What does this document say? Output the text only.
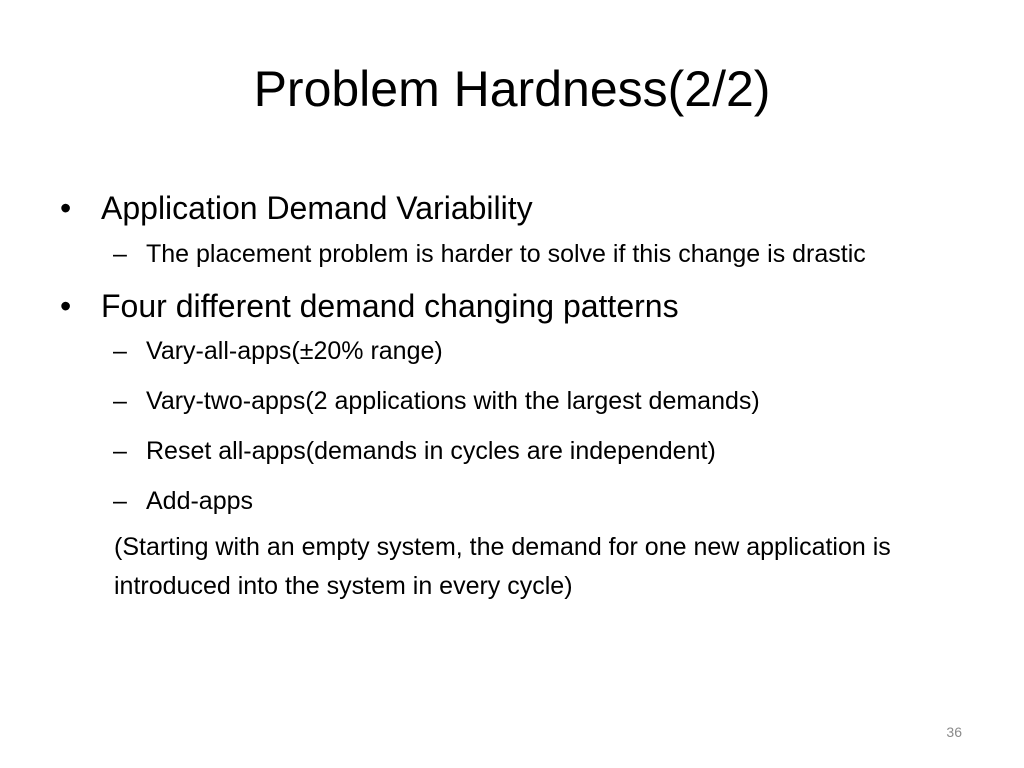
Problem Hardness(2/2)
• Application Demand Variability
– The placement problem is harder to solve if this change is drastic
• Four different demand changing patterns
– Vary-all-apps(±20% range)
– Vary-two-apps(2 applications with the largest demands)
– Reset all-apps(demands in cycles are independent)
– Add-apps
(Starting with an empty system, the demand for one new application is introduced into the system in every cycle)
36
